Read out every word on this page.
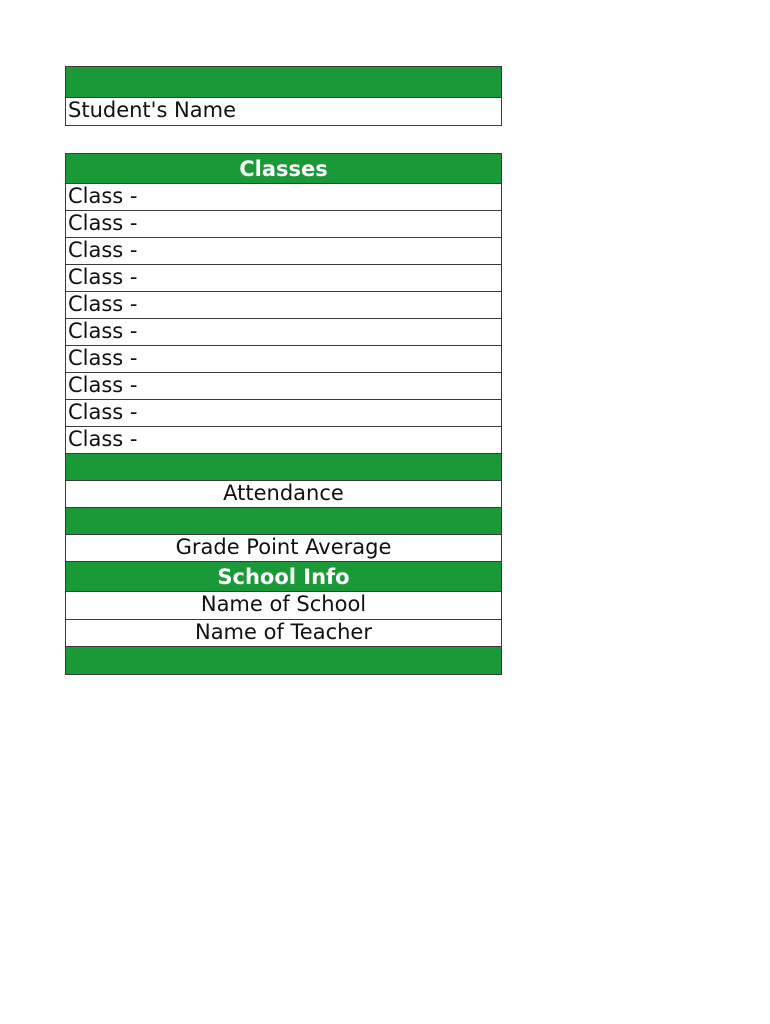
Student's Name
Classes
Class -
Class -
Class -
Class -
Class -
Class -
Class -
Class -
Class -
Class -
Attendance
Grade Point Average
School Info
Name of School
Name of Teacher
